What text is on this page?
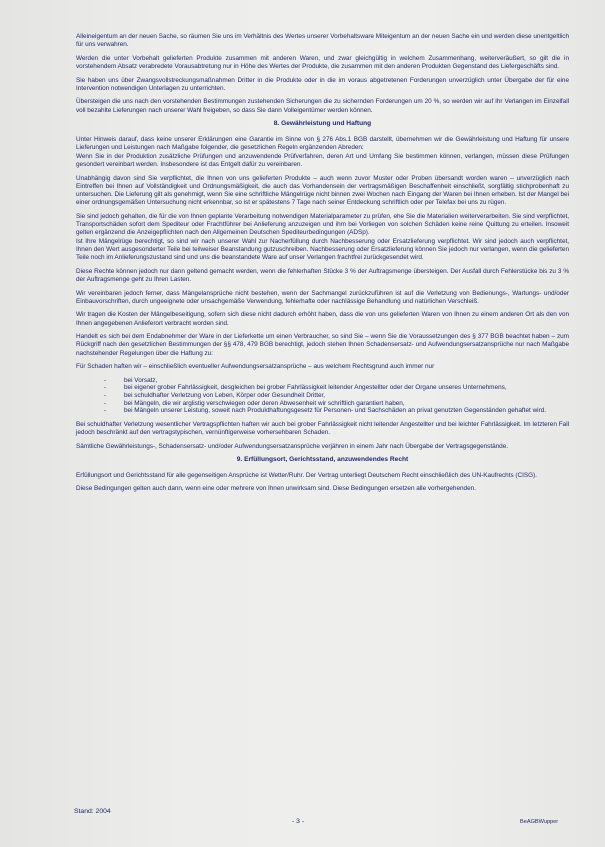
Alleineigentum an der neuen Sache, so räumen Sie uns im Verhältnis des Wertes unserer Vorbehaltsware Miteigentum an der neuen Sache ein und werden diese unentgeltlich für uns verwahren.

Werden die unter Vorbehalt gelieferten Produkte zusammen mit anderen Waren, und zwar gleichgültig in welchem Zusammenhang, weiterveräußert, so gilt die in vorstehendem Absatz verabredete Vorausabtretung nur in Höhe des Wertes der Produkte, die zusammen mit den anderen Produkten Gegenstand des Liefergeschäfts sind.

Sie haben uns über Zwangsvollstreckungsmaßnahmen Dritter in die Produkte oder in die im voraus abgetretenen Forderungen unverzüglich unter Übergabe der für eine Intervention notwendigen Unterlagen zu unterrichten.

Übersteigen die uns nach den vorstehenden Bestimmungen zustehenden Sicherungen die zu sichernden Forderungen um 20 %, so werden wir auf Ihr Verlangen im Einzelfall voll bezahlte Lieferungen nach unserer Wahl freigeben, so dass Sie dann Volleigentümer werden können.

8. Gewährleistung und Haftung

Unter Hinweis darauf, dass keine unserer Erklärungen eine Garantie im Sinne von § 276 Abs.1 BGB darstellt, übernehmen wir die Gewährleistung und Haftung für unsere Lieferungen und Leistungen nach Maßgabe folgender, die gesetzlichen Regeln ergänzenden Abreden:

Wenn Sie in der Produktion zusätzliche Prüfungen und anzuwendende Prüfverfahren, deren Art und Umfang Sie bestimmen können, verlangen, müssen diese Prüfungen gesondert vereinbart werden. Insbesondere ist das Entgelt dafür zu vereinbaren.

Unabhängig davon sind Sie verpflichtet, die Ihnen von uns gelieferten Produkte – auch wenn zuvor Muster oder Proben übersandt worden waren – unverzüglich nach Eintreffen bei Ihnen auf Vollständigkeit und Ordnungsmäßigkeit, die auch das Vorhandensein der vertragsmäßigen Beschaffenheit einschließt, sorgfältig stichprobenhaft zu untersuchen. Die Lieferung gilt als genehmigt, wenn Sie eine schriftliche Mängelrüge nicht binnen zwei Wochen nach Eingang der Waren bei Ihnen erheben. Ist der Mangel bei einer ordnungsgemäßen Untersuchung nicht erkennbar, so ist er spätestens 7 Tage nach seiner Entdeckung schriftlich oder per Telefax bei uns zu rügen.

Sie sind jedoch gehalten, die für die von Ihnen geplante Verarbeitung notwendigen Materialparameter zu prüfen, ehe Sie die Materialien weiterverarbeiten. Sie sind verpflichtet, Transportschäden sofort dem Spediteur oder Frachtführer bei Anlieferung anzuzeigen und ihm bei Vorliegen von solchen Schäden keine reine Quittung zu erteilen. Insoweit gelten ergänzend die Anzeigepflichten nach den Allgemeinen Deutschen Spediteurbedingungen (ADSp).

Ist Ihre Mängelrüge berechtigt, so sind wir nach unserer Wahl zur Nacherfüllung durch Nachbesserung oder Ersatzlieferung verpflichtet. Wir sind jedoch auch verpflichtet, Ihnen den Wert ausgesonderter Teile bei teilweiser Beanstandung gutzuschreiben. Nachbesserung oder Ersatzlieferung können Sie jedoch nur verlangen, wenn die gelieferten Teile noch im Anlieferungszustand sind und uns die beanstandete Ware auf unser Verlangen frachtfrei zurückgesendet wird.

Diese Rechte können jedoch nur dann geltend gemacht werden, wenn die fehlerhaften Stücke 3 % der Auftragsmenge übersteigen. Der Ausfall durch Fehlerstücke bis zu 3 % der Auftragsmenge geht zu Ihren Lasten.

Wir vereinbaren jedoch ferner, dass Mängelansprüche nicht bestehen, wenn der Sachmangel zurückzuführen ist auf die Verletzung von Bedienungs-, Wartungs- und/oder Einbauvorschriften, durch ungeeignete oder unsachgemäße Verwendung, fehlerhafte oder nachlässige Behandlung und natürlichen Verschleiß.

Wir tragen die Kosten der Mängelbeseitigung, sofern sich diese nicht dadurch erhöht haben, dass die von uns gelieferten Waren von Ihnen zu einem anderen Ort als den von Ihnen angegebenen Anlieferort verbracht worden sind.

Handelt es sich bei dem Endabnehmer der Ware in der Lieferkette um einen Verbraucher, so sind Sie – wenn Sie die Voraussetzungen des § 377 BGB beachtet haben – zum Rückgriff nach den gesetzlichen Bestimmungen der §§ 478, 479 BGB berechtigt, jedoch stehen Ihnen Schadensersatz- und Aufwendungsersatzansprüche nur nach Maßgabe nachstehender Regelungen über die Haftung zu:

Für Schaden haften wir – einschließlich eventueller Aufwendungsersatzansprüche – aus welchem Rechtsgrund auch immer nur

- bei Vorsatz,
- bei eigener grober Fahrlässigkeit, desgleichen bei grober Fahrlässigkeit leitender Angestellter oder der Organe unseres Unternehmens,
- bei schuldhafter Verletzung von Leben, Körper oder Gesundheit Dritter,
- bei Mängeln, die wir arglistig verschwiegen oder deren Abwesenheit wir schriftlich garantiert haben,
- bei Mängeln unserer Leistung, soweit nach Produkthaftungsgesetz für Personen- und Sachschäden an privat genutzten Gegenständen gehaftet wird.

Bei schuldhafter Verletzung wesentlicher Vertragspflichten haften wir auch bei grober Fahrlässigkeit nicht leitender Angestellter und bei leichter Fahrlässigkeit. Im letzteren Fall jedoch beschränkt auf den vertragstypischen, vernünftigerweise vorhersehbaren Schaden.

Sämtliche Gewährleistungs-, Schadensersatz- und/oder Aufwendungsersatzansprüche verjähren in einem Jahr nach Übergabe der Vertragsgegenstände.

9. Erfüllungsort, Gerichtsstand, anzuwendendes Recht

Erfüllungsort und Gerichtsstand für alle gegenseitigen Ansprüche ist Wetter/Ruhr. Der Vertrag unterliegt Deutschem Recht einschließlich des UN-Kaufrechts (CISG).

Diese Bedingungen gelten auch dann, wenn eine oder mehrere von Ihnen unwirksam sind. Diese Bedingungen ersetzen alle vorhergehenden.

Stand: 2004
- 3 -	BeAGBWupper
